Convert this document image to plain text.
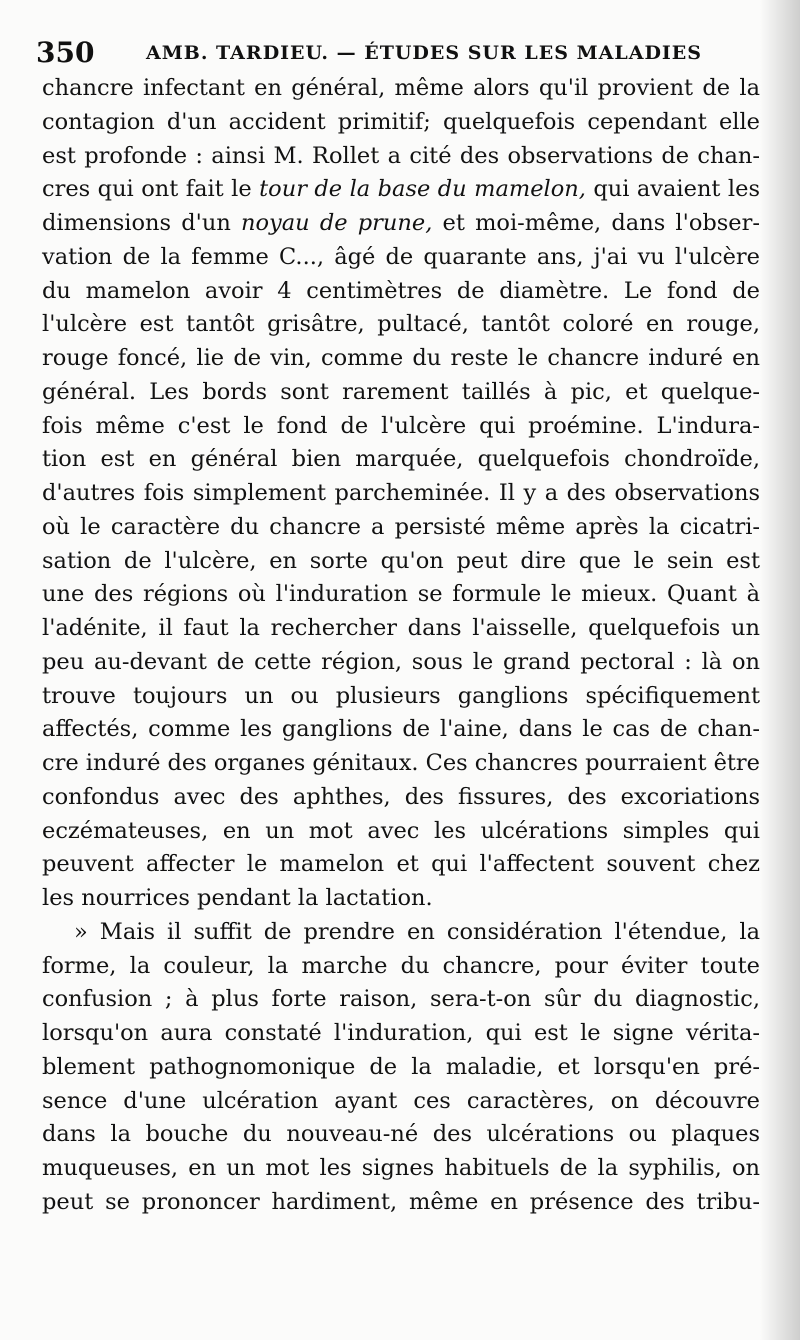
350	AMB. TARDIEU. — ÉTUDES SUR LES MALADIES
chancre infectant en général, même alors qu'il provient de la
contagion d'un accident primitif; quelquefois cependant elle
est profonde : ainsi M. Rollet a cité des observations de chan-
cres qui ont fait le tour de la base du mamelon, qui avaient les
dimensions d'un noyau de prune, et moi-même, dans l'obser-
vation de la femme C..., âgé de quarante ans, j'ai vu l'ulcère
du mamelon avoir 4 centimètres de diamètre. Le fond de
l'ulcère est tantôt grisâtre, pultacé, tantôt coloré en rouge,
rouge foncé, lie de vin, comme du reste le chancre induré en
général. Les bords sont rarement taillés à pic, et quelque-
fois même c'est le fond de l'ulcère qui proémine. L'indura-
tion est en général bien marquée, quelquefois chondroïde,
d'autres fois simplement parcheminée. Il y a des observations
où le caractère du chancre a persisté même après la cicatri-
sation de l'ulcère, en sorte qu'on peut dire que le sein est
une des régions où l'induration se formule le mieux. Quant à
l'adénite, il faut la rechercher dans l'aisselle, quelquefois un
peu au-devant de cette région, sous le grand pectoral : là on
trouve toujours un ou plusieurs ganglions spécifiquement
affectés, comme les ganglions de l'aine, dans le cas de chan-
cre induré des organes génitaux. Ces chancres pourraient être
confondus avec des aphthes, des fissures, des excoriations
eczémateuses, en un mot avec les ulcérations simples qui
peuvent affecter le mamelon et qui l'affectent souvent chez
les nourrices pendant la lactation.
» Mais il suffit de prendre en considération l'étendue, la
forme, la couleur, la marche du chancre, pour éviter toute
confusion ; à plus forte raison, sera-t-on sûr du diagnostic,
lorsqu'on aura constaté l'induration, qui est le signe vérita-
blement pathognomonique de la maladie, et lorsqu'en pré-
sence d'une ulcération ayant ces caractères, on découvre
dans la bouche du nouveau-né des ulcérations ou plaques
muqueuses, en un mot les signes habituels de la syphilis, on
peut se prononcer hardiment, même en présence des tribu-
